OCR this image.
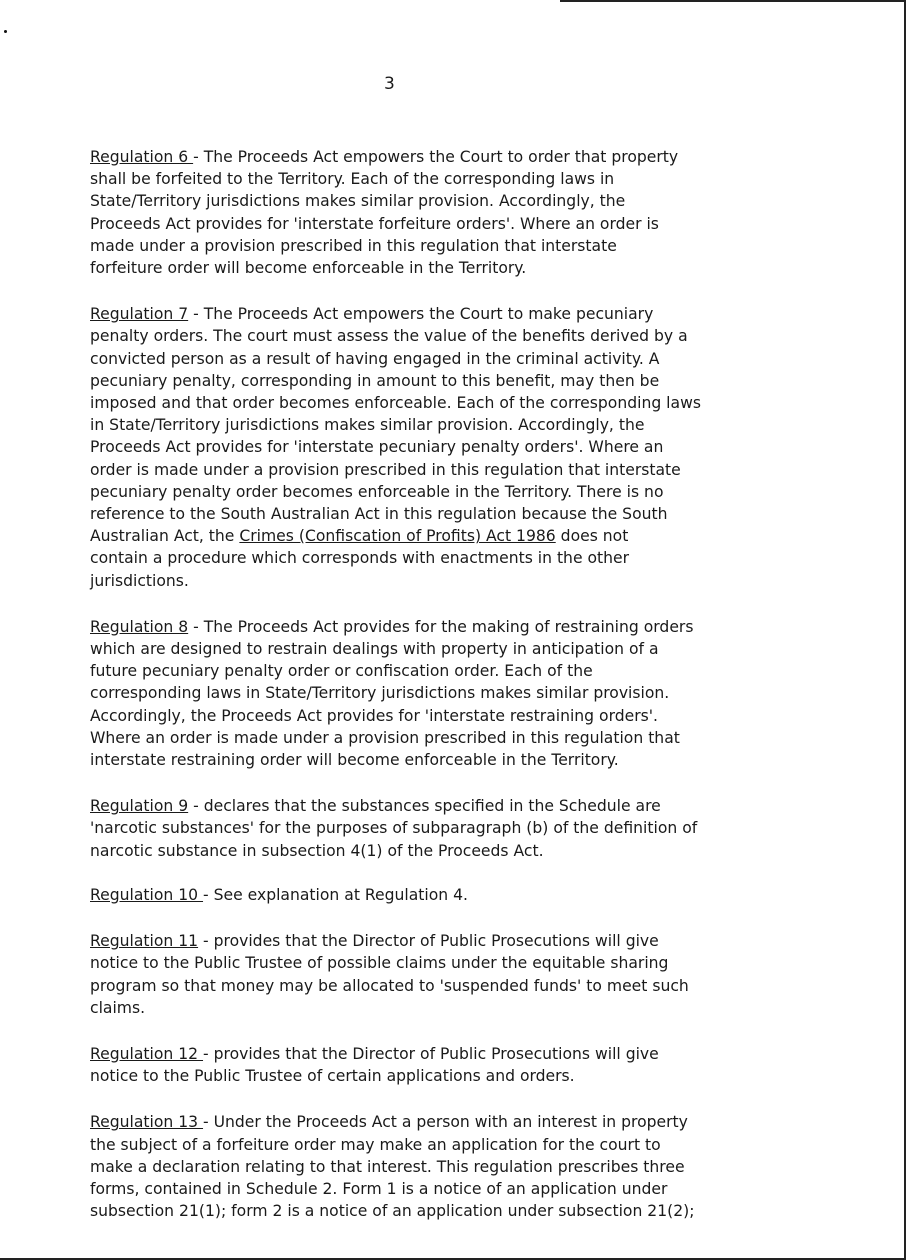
3

Regulation 6 - The Proceeds Act empowers the Court to order that property
shall be forfeited to the Territory. Each of the corresponding laws in
State/Territory jurisdictions makes similar provision. Accordingly, the
Proceeds Act provides for 'interstate forfeiture orders'. Where an order is
made under a provision prescribed in this regulation that interstate
forfeiture order will become enforceable in the Territory.

Regulation 7 - The Proceeds Act empowers the Court to make pecuniary
penalty orders. The court must assess the value of the benefits derived by a
convicted person as a result of having engaged in the criminal activity. A
pecuniary penalty, corresponding in amount to this benefit, may then be
imposed and that order becomes enforceable. Each of the corresponding laws
in State/Territory jurisdictions makes similar provision. Accordingly, the
Proceeds Act provides for 'interstate pecuniary penalty orders'. Where an
order is made under a provision prescribed in this regulation that interstate
pecuniary penalty order becomes enforceable in the Territory. There is no
reference to the South Australian Act in this regulation because the South
Australian Act, the Crimes (Confiscation of Profits) Act 1986 does not
contain a procedure which corresponds with enactments in the other
jurisdictions.

Regulation 8 - The Proceeds Act provides for the making of restraining orders
which are designed to restrain dealings with property in anticipation of a
future pecuniary penalty order or confiscation order. Each of the
corresponding laws in State/Territory jurisdictions makes similar provision.
Accordingly, the Proceeds Act provides for 'interstate restraining orders'.
Where an order is made under a provision prescribed in this regulation that
interstate restraining order will become enforceable in the Territory.

Regulation 9 - declares that the substances specified in the Schedule are
'narcotic substances' for the purposes of subparagraph (b) of the definition of
narcotic substance in subsection 4(1) of the Proceeds Act.

Regulation 10 - See explanation at Regulation 4.

Regulation 11 - provides that the Director of Public Prosecutions will give
notice to the Public Trustee of possible claims under the equitable sharing
program so that money may be allocated to 'suspended funds' to meet such
claims.

Regulation 12 - provides that the Director of Public Prosecutions will give
notice to the Public Trustee of certain applications and orders.

Regulation 13 - Under the Proceeds Act a person with an interest in property
the subject of a forfeiture order may make an application for the court to
make a declaration relating to that interest. This regulation prescribes three
forms, contained in Schedule 2. Form 1 is a notice of an application under
subsection 21(1); form 2 is a notice of an application under subsection 21(2);
